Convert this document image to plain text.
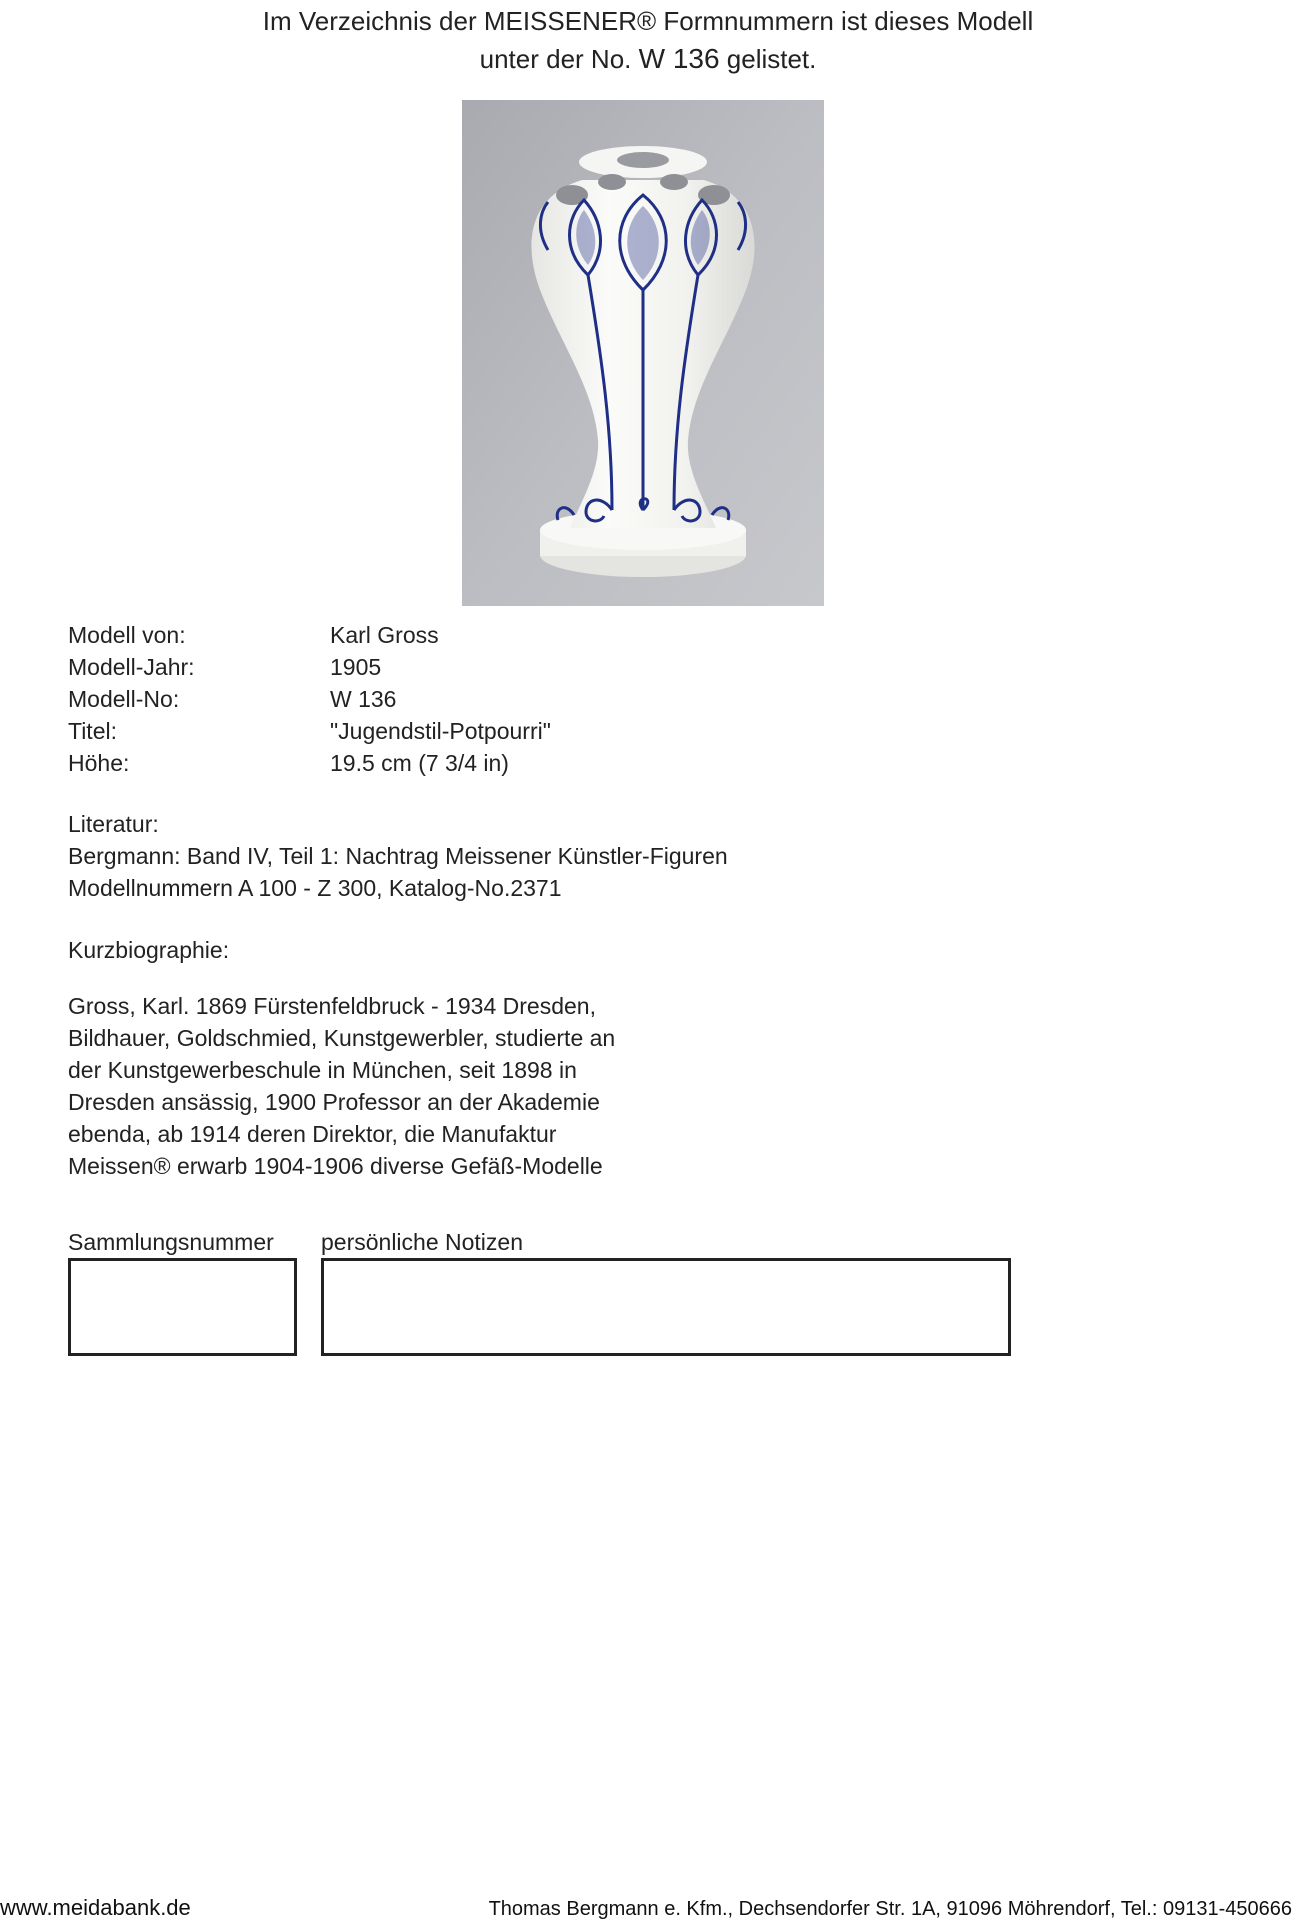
Im Verzeichnis der MEISSENER® Formnummern ist dieses Modell
unter der No. W 136 gelistet.
Modell von:	Karl Gross
Modell-Jahr:	1905
Modell-No:	W 136
Titel:	"Jugendstil-Potpourri"
Höhe:	19.5 cm (7 3/4 in)
Literatur:
Bergmann: Band IV, Teil 1: Nachtrag Meissener Künstler-Figuren
Modellnummern A 100 - Z 300, Katalog-No.2371
Kurzbiographie:
Gross, Karl. 1869 Fürstenfeldbruck - 1934 Dresden,
Bildhauer, Goldschmied, Kunstgewerbler, studierte an
der Kunstgewerbeschule in München, seit 1898 in
Dresden ansässig, 1900 Professor an der Akademie
ebenda, ab 1914 deren Direktor, die Manufaktur
Meissen® erwarb 1904-1906 diverse Gefäß-Modelle
Sammlungsnummer persönliche Notizen
www.meidabank.de	Thomas Bergmann e. Kfm., Dechsendorfer Str. 1A, 91096 Möhrendorf, Tel.: 09131-450666
